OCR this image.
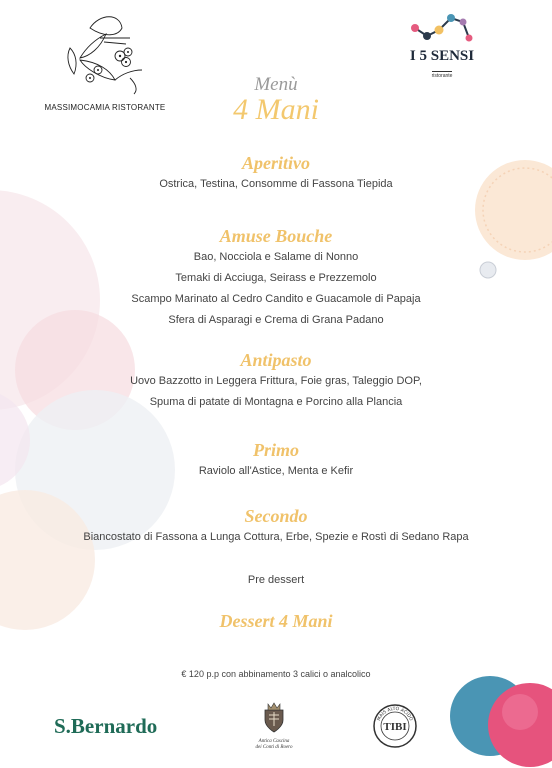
MASSIMOCAMIA RISTORANTE
I 5 SENSI
ristorante
Menù
4 Mani
Aperitivo
Ostrica, Testina, Consomme di Fassona Tiepida
Amuse Bouche
Bao, Nocciola e Salame di Nonno
Temaki di Acciuga, Seirass e Prezzemolo
Scampo Marinato al Cedro Candito e Guacamole di Papaja
Sfera di Asparagi e Crema di Grana Padano
Antipasto
Uovo Bazzotto in Leggera Frittura, Foie gras, Taleggio DOP,
Spuma di patate di Montagna e Porcino alla Plancia
Primo
Raviolo all'Astice, Menta e Kefir
Secondo
Biancostato di Fassona a Lunga Cottura, Erbe, Spezie e Rostì di Sedano Rapa
Pre dessert
Dessert 4 Mani
€ 120 p.p con abbinamento 3 calici o analcolico
S.Bernardo
Antica Cascina
dei Conti di Roero
MAIS ALTO ACIDO
TIBI
